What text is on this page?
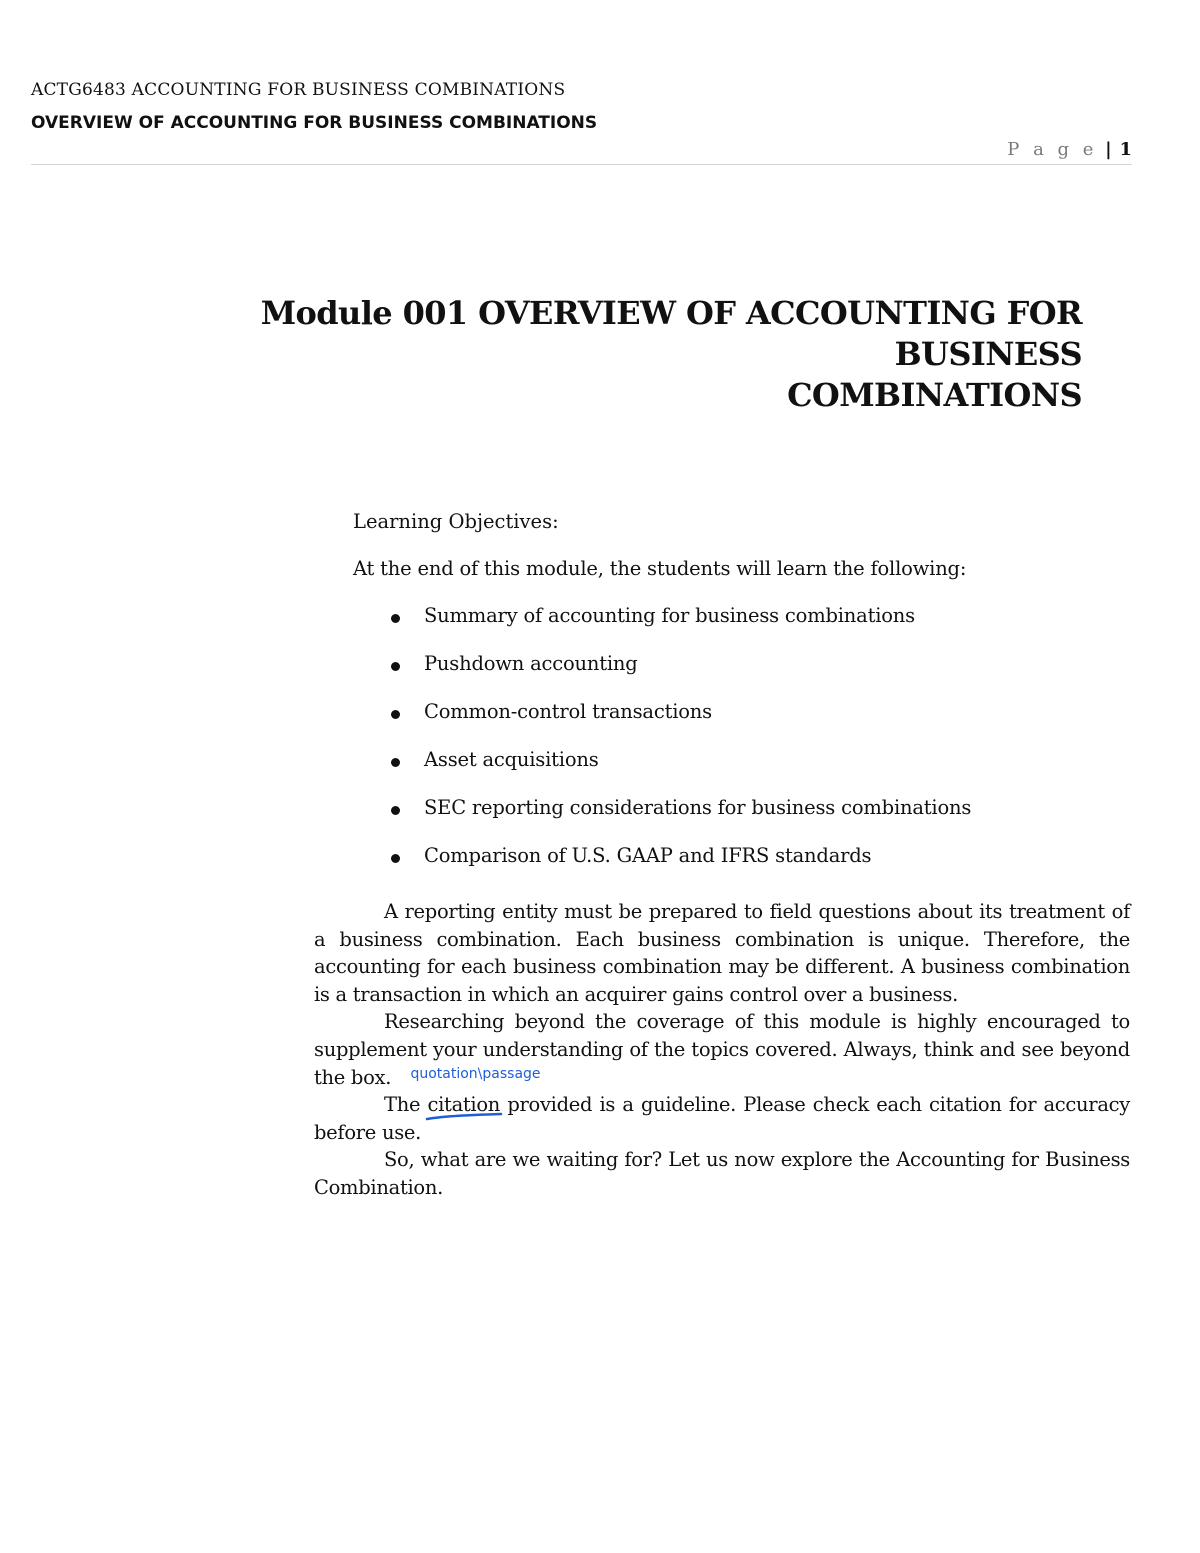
ACTG6483 ACCOUNTING FOR BUSINESS COMBINATIONS
OVERVIEW OF ACCOUNTING FOR BUSINESS COMBINATIONS
P a g e | 1
Module 001 OVERVIEW OF ACCOUNTING FOR BUSINESS
COMBINATIONS
Learning Objectives:
At the end of this module, the students will learn the following:
Summary of accounting for business combinations
Pushdown accounting
Common-control transactions
Asset acquisitions
SEC reporting considerations for business combinations
Comparison of U.S. GAAP and IFRS standards

A reporting entity must be prepared to field questions about its treatment of a business combination. Each business combination is unique. Therefore, the accounting for each business combination may be different. A business combination is a transaction in which an acquirer gains control over a business.

Researching beyond the coverage of this module is highly encouraged to supplement your understanding of the topics covered. Always, think and see beyond the box.

The citation
quotation\passage
provided is a guideline. Please check each citation for accuracy before use.

So, what are we waiting for? Let us now explore the Accounting for Business Combination.
